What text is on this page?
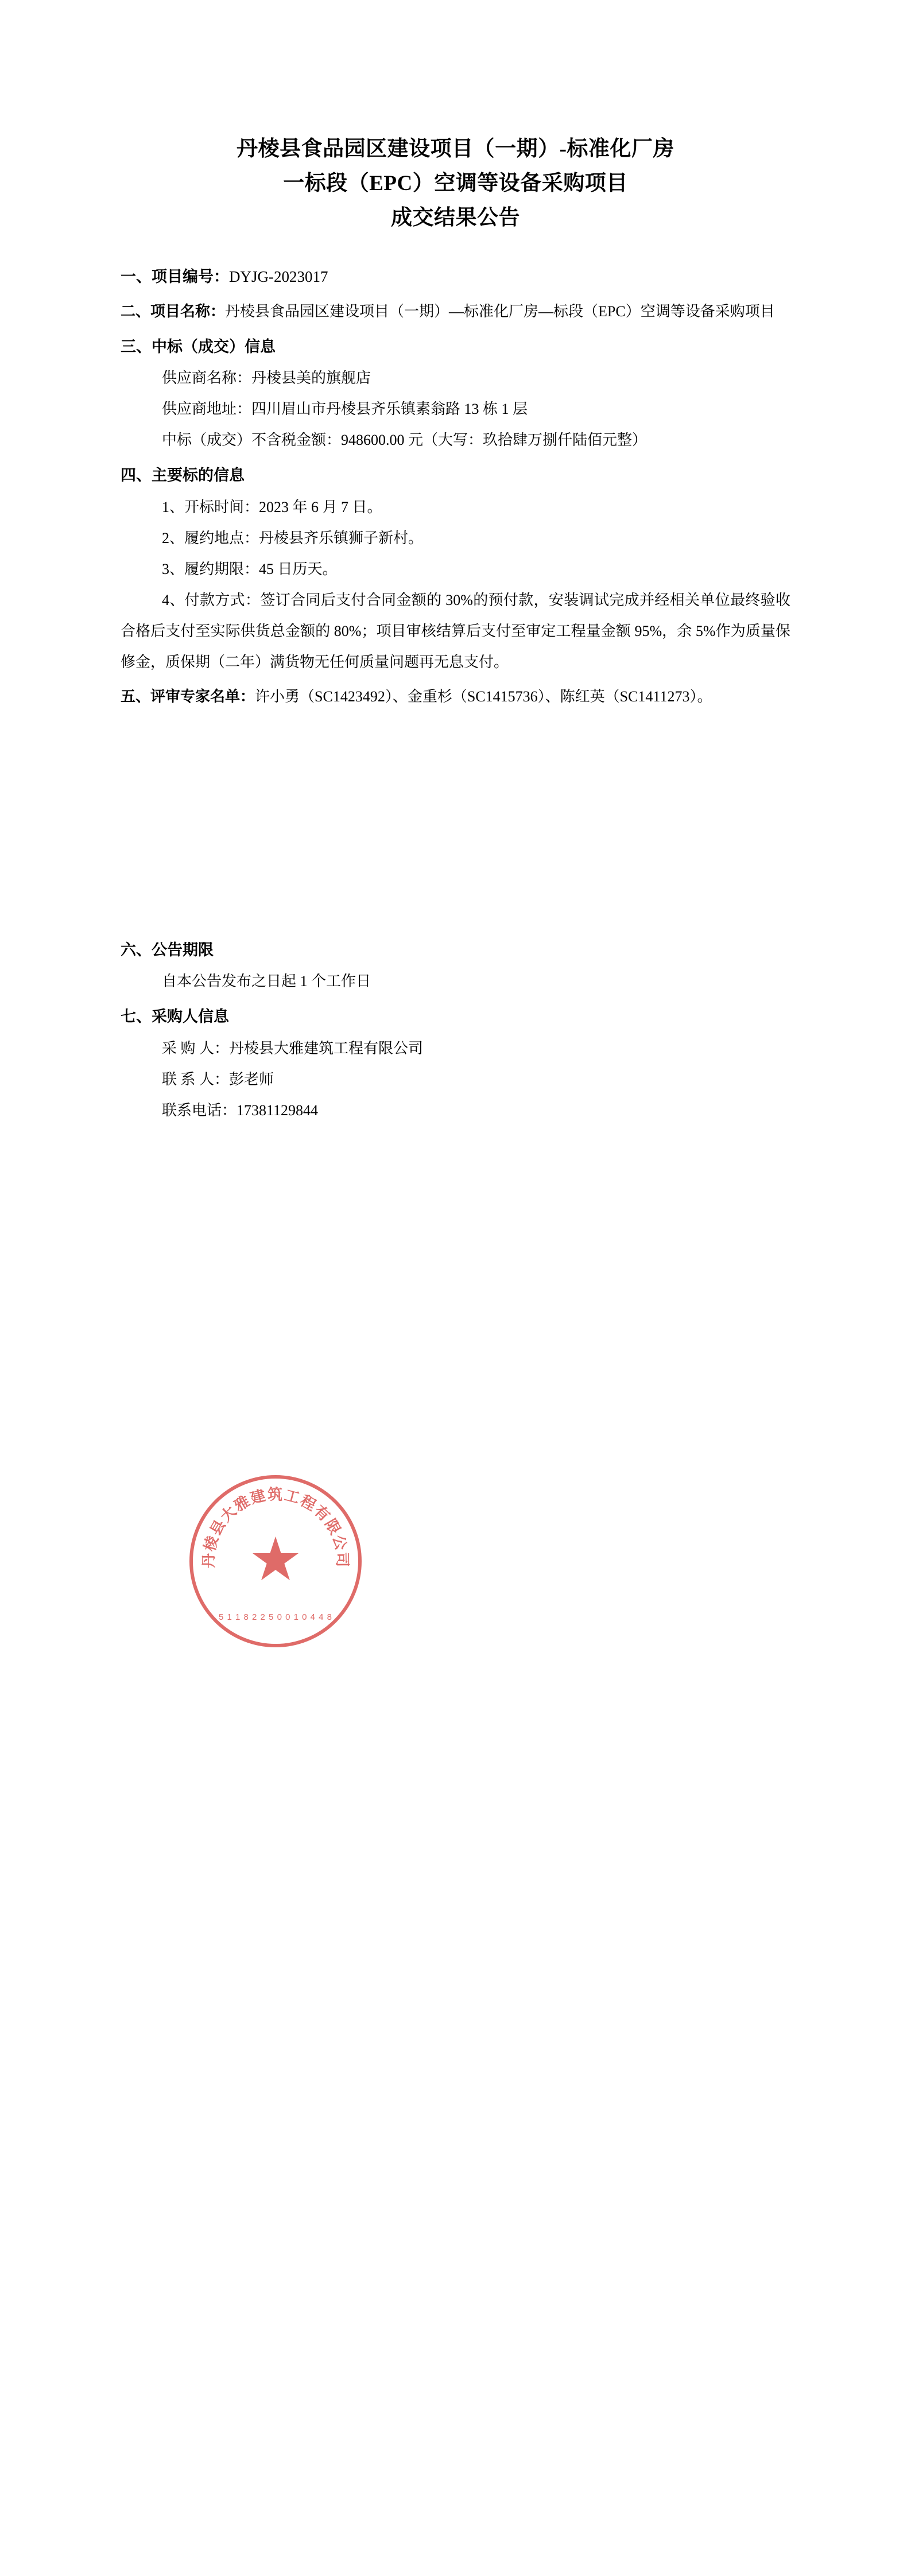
丹棱县食品园区建设项目（一期）-标准化厂房
一标段（EPC）空调等设备采购项目
成交结果公告

一、项目编号：DYJG-2023017

二、项目名称：丹棱县食品园区建设项目（一期）—标准化厂房—标段（EPC）空调等设备采购项目

三、中标（成交）信息

供应商名称：丹棱县美的旗舰店

供应商地址：四川眉山市丹棱县齐乐镇素翁路 13 栋 1 层

中标（成交）不含税金额：948600.00 元（大写：玖拾肆万捌仟陆佰元整）

四、主要标的信息

1、开标时间：2023 年 6 月 7 日。

2、履约地点：丹棱县齐乐镇狮子新村。

3、履约期限：45 日历天。

4、付款方式：签订合同后支付合同金额的 30%的预付款，安装调试完成并经相关单位最终验收合格后支付至实际供货总金额的 80%；项目审核结算后支付至审定工程量金额 95%，余 5%作为质量保修金，质保期（二年）满货物无任何质量问题再无息支付。

五、评审专家名单：许小勇（SC1423492）、金重杉（SC1415736）、陈红英（SC1411273）。

六、公告期限

自本公告发布之日起 1 个工作日

七、采购人信息

采 购 人：丹棱县大雅建筑工程有限公司

联 系 人：彭老师

联系电话：17381129844

丹棱县大雅建筑工程有限公司
★
5 1 1 8 2 2 5 0 0 1 0 4 4 8
